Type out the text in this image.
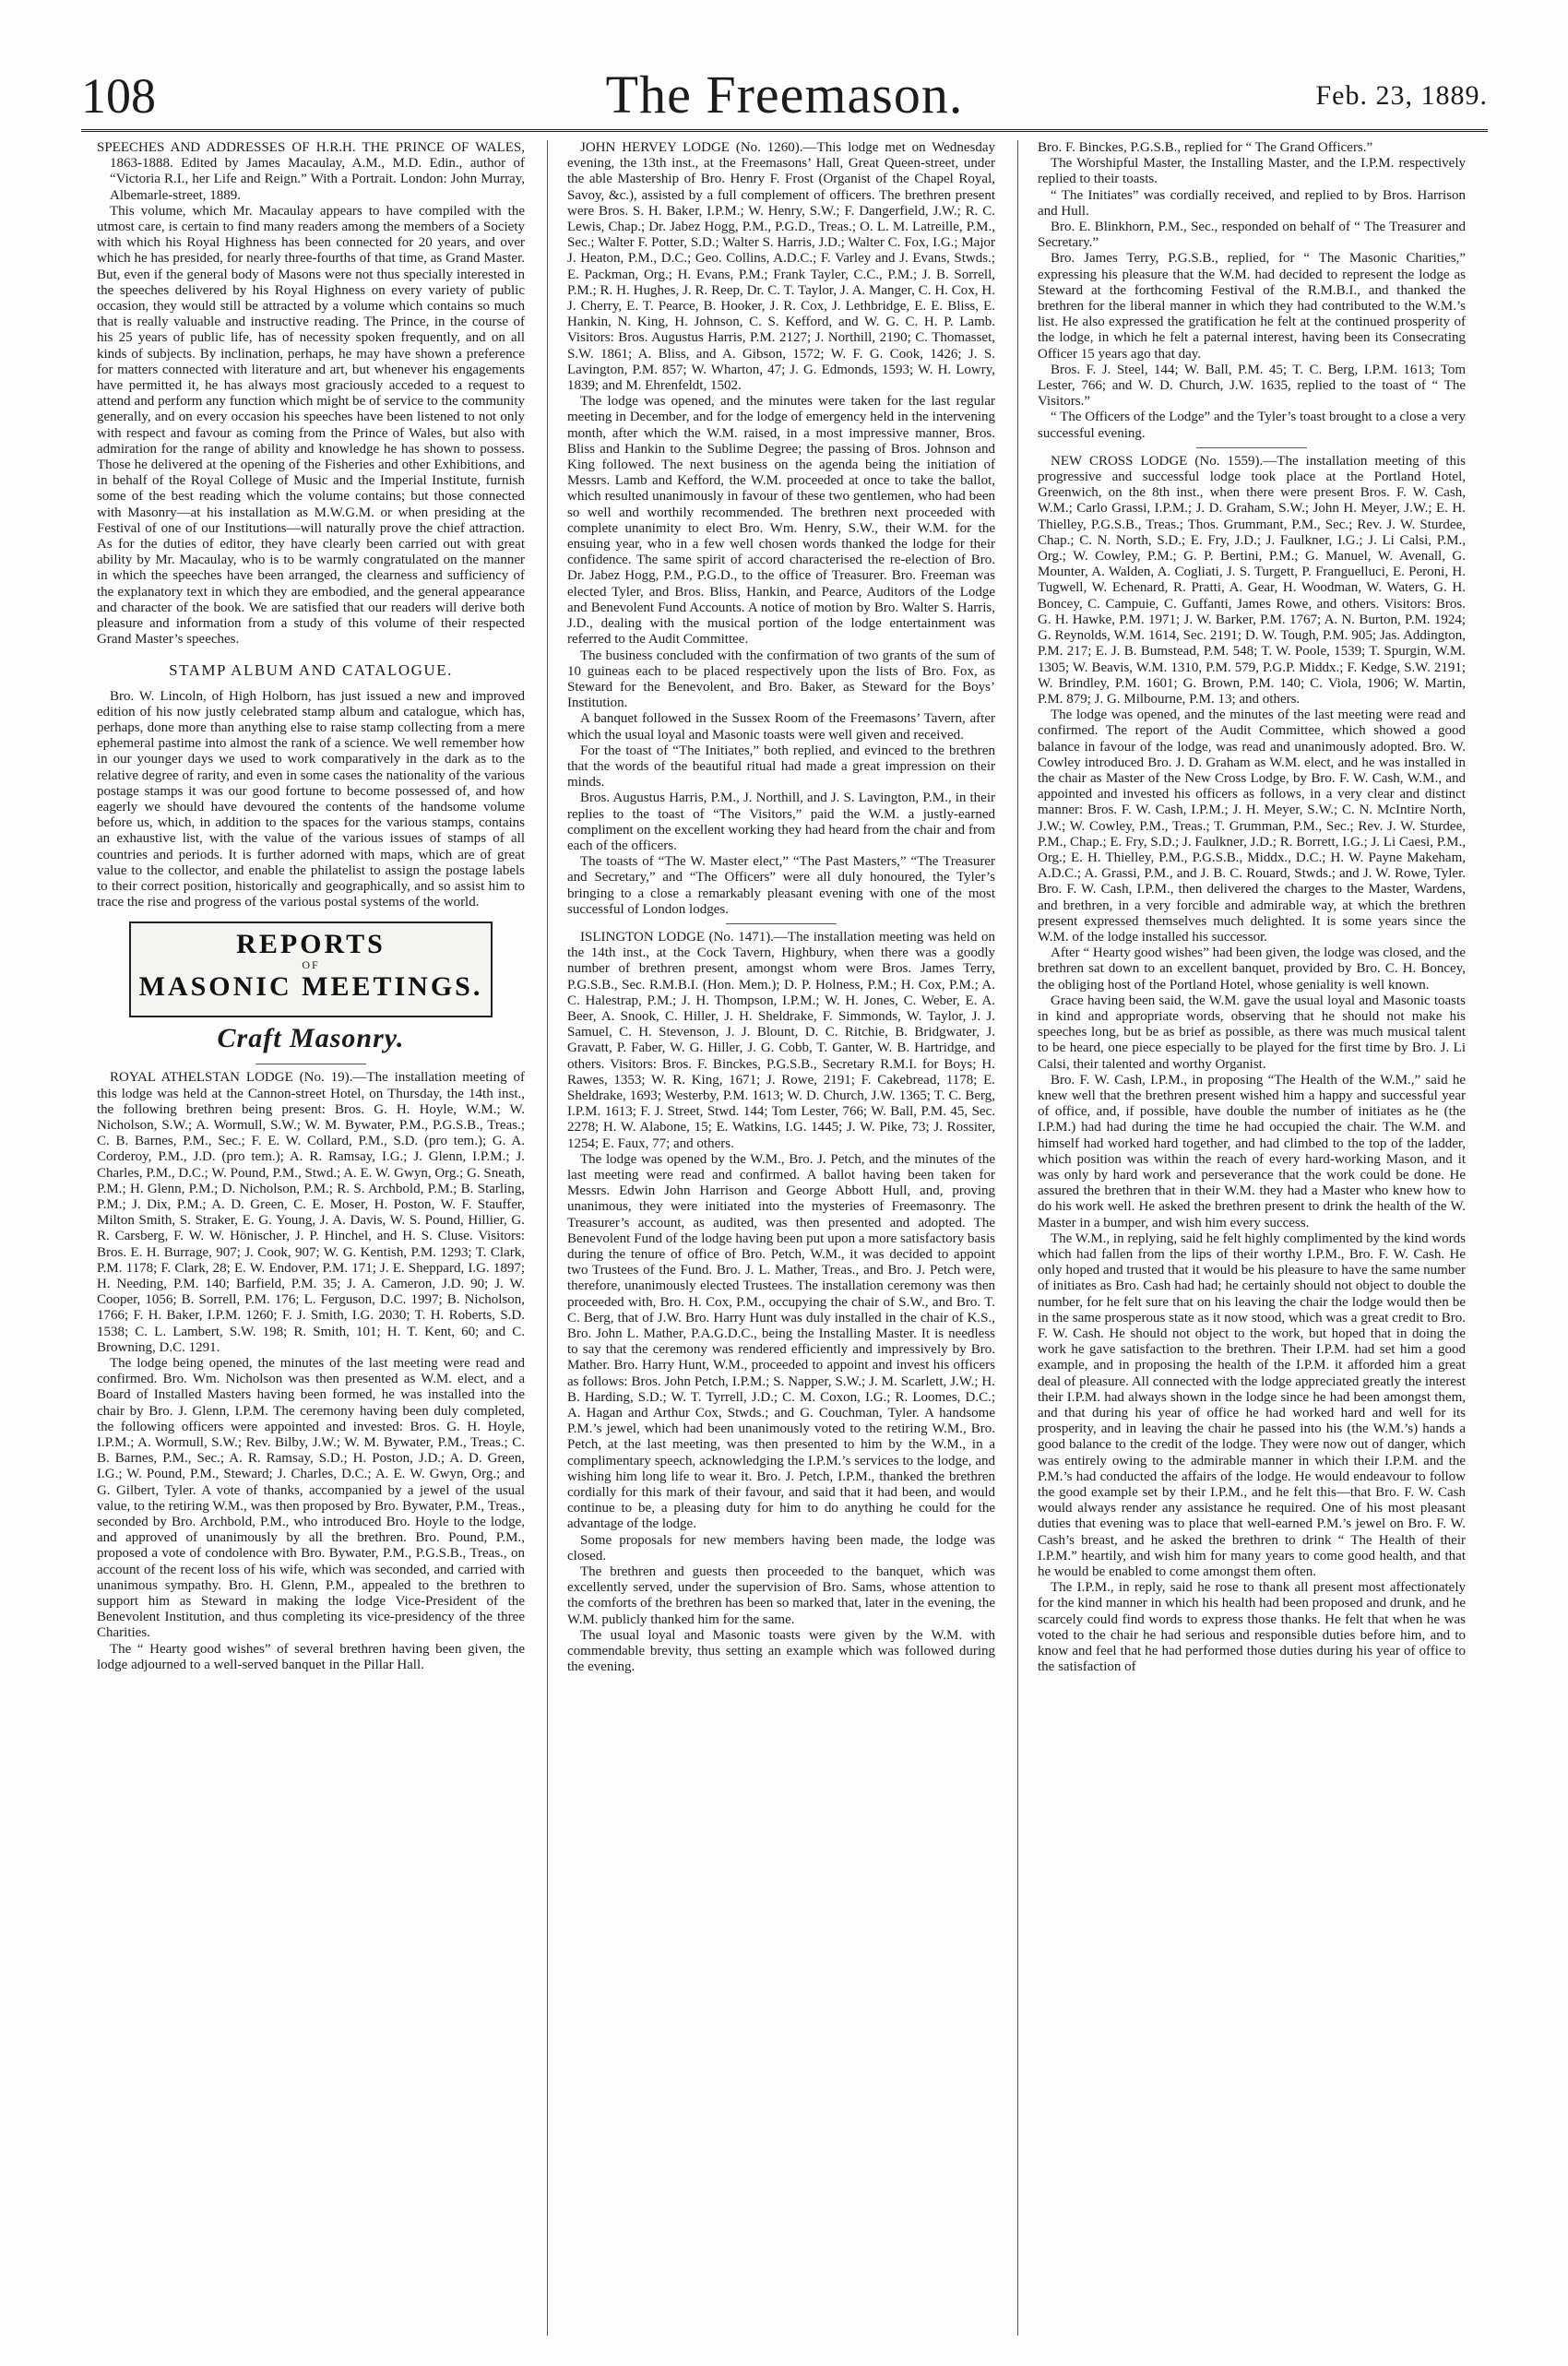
108	The Freemason.	Feb. 23, 1889.

SPEECHES AND ADDRESSES OF H.R.H. THE PRINCE OF WALES, 1863-1888. Edited by James Macaulay, A.M., M.D. Edin., author of “Victoria R.I., her Life and Reign.” With a Portrait. London: John Murray, Albemarle-street, 1889.

This volume, which Mr. Macaulay appears to have compiled with the utmost care, is certain to find many readers among the members of a Society with which his Royal Highness has been connected for 20 years, and over which he has presided, for nearly three-fourths of that time, as Grand Master. But, even if the general body of Masons were not thus specially interested in the speeches delivered by his Royal Highness on every variety of public occasion, they would still be attracted by a volume which contains so much that is really valuable and instructive reading. The Prince, in the course of his 25 years of public life, has of necessity spoken frequently, and on all kinds of subjects. By inclination, perhaps, he may have shown a preference for matters connected with literature and art, but whenever his engagements have permitted it, he has always most graciously acceded to a request to attend and perform any function which might be of service to the community generally, and on every occasion his speeches have been listened to not only with respect and favour as coming from the Prince of Wales, but also with admiration for the range of ability and knowledge he has shown to possess. Those he delivered at the opening of the Fisheries and other Exhibitions, and in behalf of the Royal College of Music and the Imperial Institute, furnish some of the best reading which the volume contains; but those connected with Masonry—at his installation as M.W.G.M. or when presiding at the Festival of one of our Institutions—will naturally prove the chief attraction. As for the duties of editor, they have clearly been carried out with great ability by Mr. Macaulay, who is to be warmly congratulated on the manner in which the speeches have been arranged, the clearness and sufficiency of the explanatory text in which they are embodied, and the general appearance and character of the book. We are satisfied that our readers will derive both pleasure and information from a study of this volume of their respected Grand Master’s speeches.

STAMP ALBUM AND CATALOGUE.

Bro. W. Lincoln, of High Holborn, has just issued a new and improved edition of his now justly celebrated stamp album and catalogue, which has, perhaps, done more than anything else to raise stamp collecting from a mere ephemeral pastime into almost the rank of a science. We well remember how in our younger days we used to work comparatively in the dark as to the relative degree of rarity, and even in some cases the nationality of the various postage stamps it was our good fortune to become possessed of, and how eagerly we should have devoured the contents of the handsome volume before us, which, in addition to the spaces for the various stamps, contains an exhaustive list, with the value of the various issues of stamps of all countries and periods. It is further adorned with maps, which are of great value to the collector, and enable the philatelist to assign the postage labels to their correct position, historically and geographically, and so assist him to trace the rise and progress of the various postal systems of the world.

REPORTS
OF
MASONIC MEETINGS.
Craft Masonry.

ROYAL ATHELSTAN LODGE (No. 19).—The installation meeting of this lodge was held at the Cannon-street Hotel, on Thursday, the 14th inst., the following brethren being present: Bros. G. H. Hoyle, W.M.; W. Nicholson, S.W.; A. Wormull, S.W.; W. M. Bywater, P.M., P.G.S.B., Treas.; C. B. Barnes, P.M., Sec.; F. E. W. Collard, P.M., S.D. (pro tem.); G. A. Corderoy, P.M., J.D. (pro tem.); A. R. Ramsay, I.G.; J. Glenn, I.P.M.; J. Charles, P.M., D.C.; W. Pound, P.M., Stwd.; A. E. W. Gwyn, Org.; G. Sneath, P.M.; H. Glenn, P.M.; D. Nicholson, P.M.; R. S. Archbold, P.M.; B. Starling, P.M.; J. Dix, P.M.; A. D. Green, C. E. Moser, H. Poston, W. F. Stauffer, Milton Smith, S. Straker, E. G. Young, J. A. Davis, W. S. Pound, Hillier, G. R. Carsberg, F. W. W. Hönischer, J. P. Hinchel, and H. S. Cluse. Visitors: Bros. E. H. Burrage, 907; J. Cook, 907; W. G. Kentish, P.M. 1293; T. Clark, P.M. 1178; F. Clark, 28; E. W. Endover, P.M. 171; J. E. Sheppard, I.G. 1897; H. Needing, P.M. 140; Barfield, P.M. 35; J. A. Cameron, J.D. 90; J. W. Cooper, 1056; B. Sorrell, P.M. 176; L. Ferguson, D.C. 1997; B. Nicholson, 1766; F. H. Baker, I.P.M. 1260; F. J. Smith, I.G. 2030; T. H. Roberts, S.D. 1538; C. L. Lambert, S.W. 198; R. Smith, 101; H. T. Kent, 60; and C. Browning, D.C. 1291.

The lodge being opened, the minutes of the last meeting were read and confirmed. Bro. Wm. Nicholson was then presented as W.M. elect, and a Board of Installed Masters having been formed, he was installed into the chair by Bro. J. Glenn, I.P.M. The ceremony having been duly completed, the following officers were appointed and invested: Bros. G. H. Hoyle, I.P.M.; A. Wormull, S.W.; Rev. Bilby, J.W.; W. M. Bywater, P.M., Treas.; C. B. Barnes, P.M., Sec.; A. R. Ramsay, S.D.; H. Poston, J.D.; A. D. Green, I.G.; W. Pound, P.M., Steward; J. Charles, D.C.; A. E. W. Gwyn, Org.; and G. Gilbert, Tyler. A vote of thanks, accompanied by a jewel of the usual value, to the retiring W.M., was then proposed by Bro. Bywater, P.M., Treas., seconded by Bro. Archbold, P.M., who introduced Bro. Hoyle to the lodge, and approved of unanimously by all the brethren. Bro. Pound, P.M., proposed a vote of condolence with Bro. Bywater, P.M., P.G.S.B., Treas., on account of the recent loss of his wife, which was seconded, and carried with unanimous sympathy. Bro. H. Glenn, P.M., appealed to the brethren to support him as Steward in making the lodge Vice-President of the Benevolent Institution, and thus completing its vice-presidency of the three Charities.

The “ Hearty good wishes” of several brethren having been given, the lodge adjourned to a well-served banquet in the Pillar Hall.

JOHN HERVEY LODGE (No. 1260).—This lodge met on Wednesday evening, the 13th inst., at the Freemasons’ Hall, Great Queen-street, under the able Mastership of Bro. Henry F. Frost (Organist of the Chapel Royal, Savoy, &c.), assisted by a full complement of officers. The brethren present were Bros. S. H. Baker, I.P.M.; W. Henry, S.W.; F. Dangerfield, J.W.; R. C. Lewis, Chap.; Dr. Jabez Hogg, P.M., P.G.D., Treas.; O. L. M. Latreille, P.M., Sec.; Walter F. Potter, S.D.; Walter S. Harris, J.D.; Walter C. Fox, I.G.; Major J. Heaton, P.M., D.C.; Geo. Collins, A.D.C.; F. Varley and J. Evans, Stwds.; E. Packman, Org.; H. Evans, P.M.; Frank Tayler, C.C., P.M.; J. B. Sorrell, P.M.; R. H. Hughes, J. R. Reep, Dr. C. T. Taylor, J. A. Manger, C. H. Cox, H. J. Cherry, E. T. Pearce, B. Hooker, J. R. Cox, J. Lethbridge, E. E. Bliss, E. Hankin, N. King, H. Johnson, C. S. Kefford, and W. G. C. H. P. Lamb. Visitors: Bros. Augustus Harris, P.M. 2127; J. Northill, 2190; C. Thomasset, S.W. 1861; A. Bliss, and A. Gibson, 1572; W. F. G. Cook, 1426; J. S. Lavington, P.M. 857; W. Wharton, 47; J. G. Edmonds, 1593; W. H. Lowry, 1839; and M. Ehrenfeldt, 1502.

The lodge was opened, and the minutes were taken for the last regular meeting in December, and for the lodge of emergency held in the intervening month, after which the W.M. raised, in a most impressive manner, Bros. Bliss and Hankin to the Sublime Degree; the passing of Bros. Johnson and King followed. The next business on the agenda being the initiation of Messrs. Lamb and Kefford, the W.M. proceeded at once to take the ballot, which resulted unanimously in favour of these two gentlemen, who had been so well and worthily recommended. The brethren next proceeded with complete unanimity to elect Bro. Wm. Henry, S.W., their W.M. for the ensuing year, who in a few well chosen words thanked the lodge for their confidence. The same spirit of accord characterised the re-election of Bro. Dr. Jabez Hogg, P.M., P.G.D., to the office of Treasurer. Bro. Freeman was elected Tyler, and Bros. Bliss, Hankin, and Pearce, Auditors of the Lodge and Benevolent Fund Accounts. A notice of motion by Bro. Walter S. Harris, J.D., dealing with the musical portion of the lodge entertainment was referred to the Audit Committee.

The business concluded with the confirmation of two grants of the sum of 10 guineas each to be placed respectively upon the lists of Bro. Fox, as Steward for the Benevolent, and Bro. Baker, as Steward for the Boys’ Institution.

A banquet followed in the Sussex Room of the Freemasons’ Tavern, after which the usual loyal and Masonic toasts were well given and received.

For the toast of “The Initiates,” both replied, and evinced to the brethren that the words of the beautiful ritual had made a great impression on their minds.

Bros. Augustus Harris, P.M., J. Northill, and J. S. Lavington, P.M., in their replies to the toast of “The Visitors,” paid the W.M. a justly-earned compliment on the excellent working they had heard from the chair and from each of the officers.

The toasts of “The W. Master elect,” “The Past Masters,” “The Treasurer and Secretary,” and “The Officers” were all duly honoured, the Tyler’s bringing to a close a remarkably pleasant evening with one of the most successful of London lodges.

ISLINGTON LODGE (No. 1471).—The installation meeting was held on the 14th inst., at the Cock Tavern, Highbury, when there was a goodly number of brethren present, amongst whom were Bros. James Terry, P.G.S.B., Sec. R.M.B.I. (Hon. Mem.); D. P. Holness, P.M.; H. Cox, P.M.; A. C. Halestrap, P.M.; J. H. Thompson, I.P.M.; W. H. Jones, C. Weber, E. A. Beer, A. Snook, C. Hiller, J. H. Sheldrake, F. Simmonds, W. Taylor, J. J. Samuel, C. H. Stevenson, J. J. Blount, D. C. Ritchie, B. Bridgwater, J. Gravatt, P. Faber, W. G. Hiller, J. G. Cobb, T. Ganter, W. B. Hartridge, and others. Visitors: Bros. F. Binckes, P.G.S.B., Secretary R.M.I. for Boys; H. Rawes, 1353; W. R. King, 1671; J. Rowe, 2191; F. Cakebread, 1178; E. Sheldrake, 1693; Westerby, P.M. 1613; W. D. Church, J.W. 1365; T. C. Berg, I.P.M. 1613; F. J. Street, Stwd. 144; Tom Lester, 766; W. Ball, P.M. 45, Sec. 2278; H. W. Alabone, 15; E. Watkins, I.G. 1445; J. W. Pike, 73; J. Rossiter, 1254; E. Faux, 77; and others.

The lodge was opened by the W.M., Bro. J. Petch, and the minutes of the last meeting were read and confirmed. A ballot having been taken for Messrs. Edwin John Harrison and George Abbott Hull, and, proving unanimous, they were initiated into the mysteries of Freemasonry. The Treasurer’s account, as audited, was then presented and adopted. The Benevolent Fund of the lodge having been put upon a more satisfactory basis during the tenure of office of Bro. Petch, W.M., it was decided to appoint two Trustees of the Fund. Bro. J. L. Mather, Treas., and Bro. J. Petch were, therefore, unanimously elected Trustees. The installation ceremony was then proceeded with, Bro. H. Cox, P.M., occupying the chair of S.W., and Bro. T. C. Berg, that of J.W. Bro. Harry Hunt was duly installed in the chair of K.S., Bro. John L. Mather, P.A.G.D.C., being the Installing Master. It is needless to say that the ceremony was rendered efficiently and impressively by Bro. Mather. Bro. Harry Hunt, W.M., proceeded to appoint and invest his officers as follows: Bros. John Petch, I.P.M.; S. Napper, S.W.; J. M. Scarlett, J.W.; H. B. Harding, S.D.; W. T. Tyrrell, J.D.; C. M. Coxon, I.G.; R. Loomes, D.C.; A. Hagan and Arthur Cox, Stwds.; and G. Couchman, Tyler. A handsome P.M.’s jewel, which had been unanimously voted to the retiring W.M., Bro. Petch, at the last meeting, was then presented to him by the W.M., in a complimentary speech, acknowledging the I.P.M.’s services to the lodge, and wishing him long life to wear it. Bro. J. Petch, I.P.M., thanked the brethren cordially for this mark of their favour, and said that it had been, and would continue to be, a pleasing duty for him to do anything he could for the advantage of the lodge.

Some proposals for new members having been made, the lodge was closed.

The brethren and guests then proceeded to the banquet, which was excellently served, under the supervision of Bro. Sams, whose attention to the comforts of the brethren has been so marked that, later in the evening, the W.M. publicly thanked him for the same.

The usual loyal and Masonic toasts were given by the W.M. with commendable brevity, thus setting an example which was followed during the evening.

Bro. F. Binckes, P.G.S.B., replied for “ The Grand Officers.”

The Worshipful Master, the Installing Master, and the I.P.M. respectively replied to their toasts.

“ The Initiates” was cordially received, and replied to by Bros. Harrison and Hull.

Bro. E. Blinkhorn, P.M., Sec., responded on behalf of “ The Treasurer and Secretary.”

Bro. James Terry, P.G.S.B., replied, for “ The Masonic Charities,” expressing his pleasure that the W.M. had decided to represent the lodge as Steward at the forthcoming Festival of the R.M.B.I., and thanked the brethren for the liberal manner in which they had contributed to the W.M.’s list. He also expressed the gratification he felt at the continued prosperity of the lodge, in which he felt a paternal interest, having been its Consecrating Officer 15 years ago that day.

Bros. F. J. Steel, 144; W. Ball, P.M. 45; T. C. Berg, I.P.M. 1613; Tom Lester, 766; and W. D. Church, J.W. 1635, replied to the toast of “ The Visitors.”

“ The Officers of the Lodge” and the Tyler’s toast brought to a close a very successful evening.

NEW CROSS LODGE (No. 1559).—The installation meeting of this progressive and successful lodge took place at the Portland Hotel, Greenwich, on the 8th inst., when there were present Bros. F. W. Cash, W.M.; Carlo Grassi, I.P.M.; J. D. Graham, S.W.; John H. Meyer, J.W.; E. H. Thielley, P.G.S.B., Treas.; Thos. Grummant, P.M., Sec.; Rev. J. W. Sturdee, Chap.; C. N. North, S.D.; E. Fry, J.D.; J. Faulkner, I.G.; J. Li Calsi, P.M., Org.; W. Cowley, P.M.; G. P. Bertini, P.M.; G. Manuel, W. Avenall, G. Mounter, A. Walden, A. Cogliati, J. S. Turgett, P. Franguelluci, E. Peroni, H. Tugwell, W. Echenard, R. Pratti, A. Gear, H. Woodman, W. Waters, G. H. Boncey, C. Campuie, C. Guffanti, James Rowe, and others. Visitors: Bros. G. H. Hawke, P.M. 1971; J. W. Barker, P.M. 1767; A. N. Burton, P.M. 1924; G. Reynolds, W.M. 1614, Sec. 2191; D. W. Tough, P.M. 905; Jas. Addington, P.M. 217; E. J. B. Bumstead, P.M. 548; T. W. Poole, 1539; T. Spurgin, W.M. 1305; W. Beavis, W.M. 1310, P.M. 579, P.G.P. Middx.; F. Kedge, S.W. 2191; W. Brindley, P.M. 1601; G. Brown, P.M. 140; C. Viola, 1906; W. Martin, P.M. 879; J. G. Milbourne, P.M. 13; and others.

The lodge was opened, and the minutes of the last meeting were read and confirmed. The report of the Audit Committee, which showed a good balance in favour of the lodge, was read and unanimously adopted. Bro. W. Cowley introduced Bro. J. D. Graham as W.M. elect, and he was installed in the chair as Master of the New Cross Lodge, by Bro. F. W. Cash, W.M., and appointed and invested his officers as follows, in a very clear and distinct manner: Bros. F. W. Cash, I.P.M.; J. H. Meyer, S.W.; C. N. McIntire North, J.W.; W. Cowley, P.M., Treas.; T. Grumman, P.M., Sec.; Rev. J. W. Sturdee, P.M., Chap.; E. Fry, S.D.; J. Faulkner, J.D.; R. Borrett, I.G.; J. Li Caesi, P.M., Org.; E. H. Thielley, P.M., P.G.S.B., Middx., D.C.; H. W. Payne Makeham, A.D.C.; A. Grassi, P.M., and J. B. C. Rouard, Stwds.; and J. W. Rowe, Tyler. Bro. F. W. Cash, I.P.M., then delivered the charges to the Master, Wardens, and brethren, in a very forcible and admirable way, at which the brethren present expressed themselves much delighted. It is some years since the W.M. of the lodge installed his successor.

After “ Hearty good wishes” had been given, the lodge was closed, and the brethren sat down to an excellent banquet, provided by Bro. C. H. Boncey, the obliging host of the Portland Hotel, whose geniality is well known.

Grace having been said, the W.M. gave the usual loyal and Masonic toasts in kind and appropriate words, observing that he should not make his speeches long, but be as brief as possible, as there was much musical talent to be heard, one piece especially to be played for the first time by Bro. J. Li Calsi, their talented and worthy Organist.

Bro. F. W. Cash, I.P.M., in proposing “The Health of the W.M.,” said he knew well that the brethren present wished him a happy and successful year of office, and, if possible, have double the number of initiates as he (the I.P.M.) had had during the time he had occupied the chair. The W.M. and himself had worked hard together, and had climbed to the top of the ladder, which position was within the reach of every hard-working Mason, and it was only by hard work and perseverance that the work could be done. He assured the brethren that in their W.M. they had a Master who knew how to do his work well. He asked the brethren present to drink the health of the W. Master in a bumper, and wish him every success.

The W.M., in replying, said he felt highly complimented by the kind words which had fallen from the lips of their worthy I.P.M., Bro. F. W. Cash. He only hoped and trusted that it would be his pleasure to have the same number of initiates as Bro. Cash had had; he certainly should not object to double the number, for he felt sure that on his leaving the chair the lodge would then be in the same prosperous state as it now stood, which was a great credit to Bro. F. W. Cash. He should not object to the work, but hoped that in doing the work he gave satisfaction to the brethren. Their I.P.M. had set him a good example, and in proposing the health of the I.P.M. it afforded him a great deal of pleasure. All connected with the lodge appreciated greatly the interest their I.P.M. had always shown in the lodge since he had been amongst them, and that during his year of office he had worked hard and well for its prosperity, and in leaving the chair he passed into his (the W.M.’s) hands a good balance to the credit of the lodge. They were now out of danger, which was entirely owing to the admirable manner in which their I.P.M. and the P.M.’s had conducted the affairs of the lodge. He would endeavour to follow the good example set by their I.P.M., and he felt this—that Bro. F. W. Cash would always render any assistance he required. One of his most pleasant duties that evening was to place that well-earned P.M.’s jewel on Bro. F. W. Cash’s breast, and he asked the brethren to drink “ The Health of their I.P.M.” heartily, and wish him for many years to come good health, and that he would be enabled to come amongst them often.

The I.P.M., in reply, said he rose to thank all present most affectionately for the kind manner in which his health had been proposed and drunk, and he scarcely could find words to express those thanks. He felt that when he was voted to the chair he had serious and responsible duties before him, and to know and feel that he had performed those duties during his year of office to the satisfaction of
